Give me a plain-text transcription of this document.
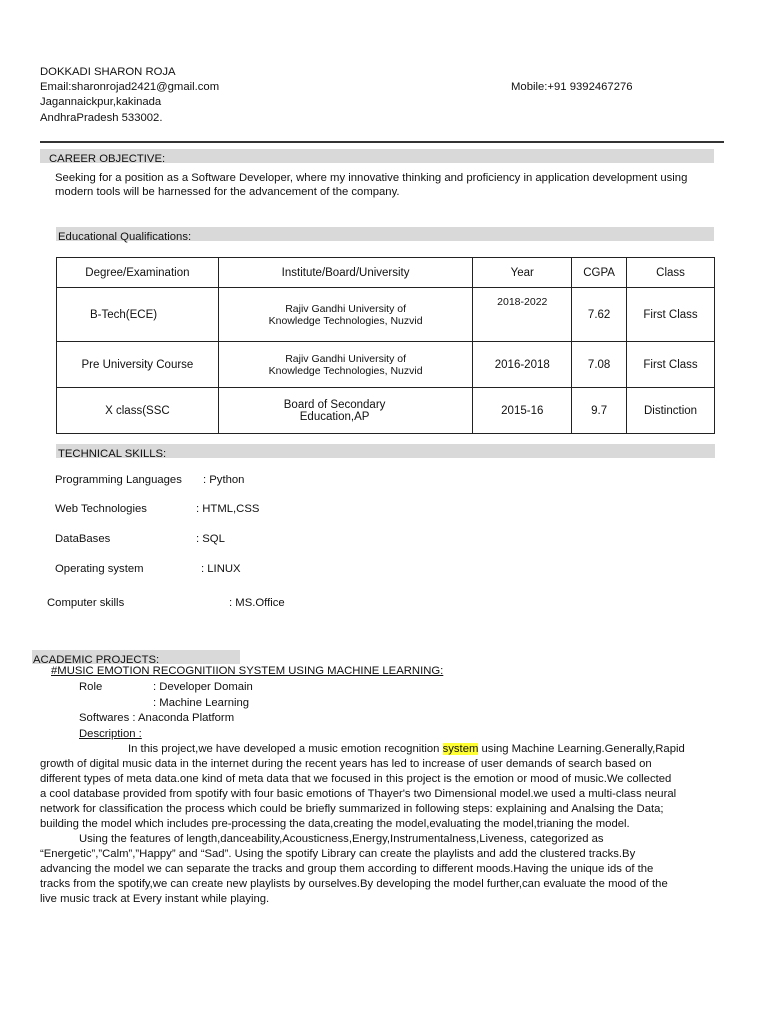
DOKKADI SHARON ROJA
Email:sharonrojad2421@gmail.com	Mobile:+91 9392467276
Jagannaickpur,kakinada
AndhraPradesh 533002.
CAREER OBJECTIVE:
Seeking for a position as a Software Developer, where my innovative thinking and proficiency in application development using
modern tools will be harnessed for the advancement of the company.
Educational Qualifications:
Degree/Examination	Institute/Board/University	Year	CGPA	Class
B-Tech(ECE)	Rajiv Gandhi University of
Knowledge Technologies, Nuzvid	2018-2022	7.62	First Class
Pre University Course	Rajiv Gandhi University of
Knowledge Technologies, Nuzvid	2016-2018	7.08	First Class
X class(SSC	Board of Secondary
Education,AP	2015-16	9.7	Distinction
TECHNICAL SKILLS:
Programming Languages : Python
Web Technologies	: HTML,CSS
DataBases	: SQL
Operating system	: LINUX
Computer skills	: MS.Office
ACADEMIC PROJECTS:
#MUSIC EMOTION RECOGNITIION SYSTEM USING MACHINE LEARNING:
Role	: Developer Domain
: Machine Learning
Softwares : Anaconda Platform
Description :
In this project,we have developed a music emotion recognition system using Machine Learning.Generally,Rapid
growth of digital music data in the internet during the recent years has led to increase of user demands of search based on
different types of meta data.one kind of meta data that we focused in this project is the emotion or mood of music.We collected
a cool database provided from spotify with four basic emotions of Thayer's two Dimensional model.we used a multi-class neural
network for classification the process which could be briefly summarized in following steps: explaining and Analsing the Data;
building the model which includes pre-processing the data,creating the model,evaluating the model,trianing the model.
Using the features of length,danceability,Acousticness,Energy,Instrumentalness,Liveness, categorized as
“Energetic”,”Calm”,”Happy” and “Sad”. Using the spotify Library can create the playlists and add the clustered tracks.By
advancing the model we can separate the tracks and group them according to different moods.Having the unique ids of the
tracks from the spotify,we can create new playlists by ourselves.By developing the model further,can evaluate the mood of the
live music track at Every instant while playing.
